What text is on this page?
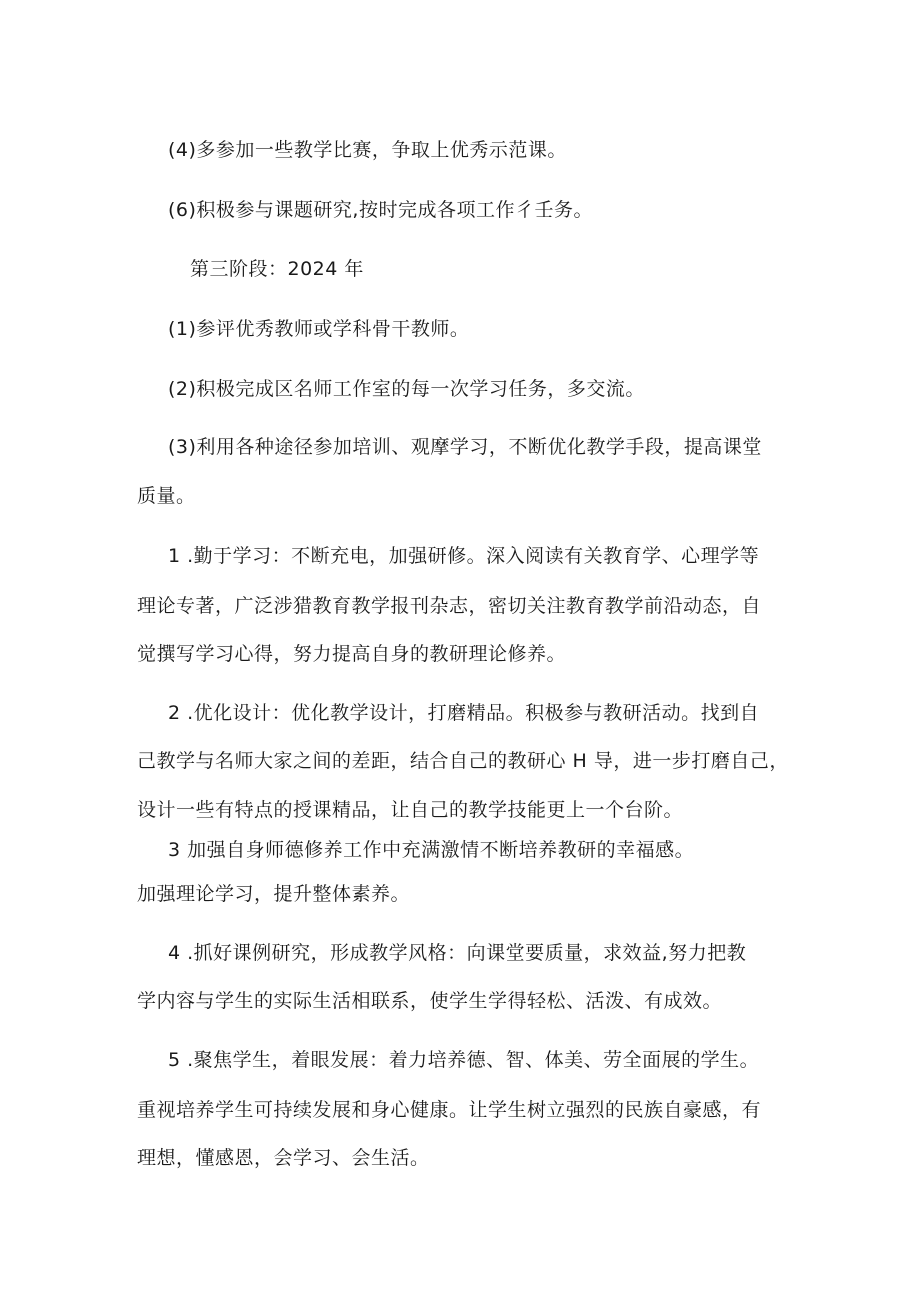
(4)多参加一些教学比赛，争取上优秀示范课。
(6)积极参与课题研究,按时完成各项工作彳壬务。
第三阶段：2024 年
(1)参评优秀教师或学科骨干教师。
(2)积极完成区名师工作室的每一次学习任务，多交流。
(3)利用各种途径参加培训、观摩学习，不断优化教学手段，提高课堂
质量。
1 .勤于学习：不断充电，加强研修。深入阅读有关教育学、心理学等
理论专著，广泛涉猎教育教学报刊杂志，密切关注教育教学前沿动态，自
觉撰写学习心得，努力提高自身的教研理论修养。
2 .优化设计：优化教学设计，打磨精品。积极参与教研活动。找到自
己教学与名师大家之间的差距，结合自己的教研心 H 导，进一步打磨自己，
设计一些有特点的授课精品，让自己的教学技能更上一个台阶。
3 加强自身师德修养工作中充满激情不断培养教研的幸福感。
加强理论学习，提升整体素养。
4 .抓好课例研究，形成教学风格：向课堂要质量，求效益,努力把教
学内容与学生的实际生活相联系，使学生学得轻松、活泼、有成效。
5 .聚焦学生，着眼发展：着力培养德、智、体美、劳全面展的学生。
重视培养学生可持续发展和身心健康。让学生树立强烈的民族自豪感，有
理想，懂感恩，会学习、会生活。
